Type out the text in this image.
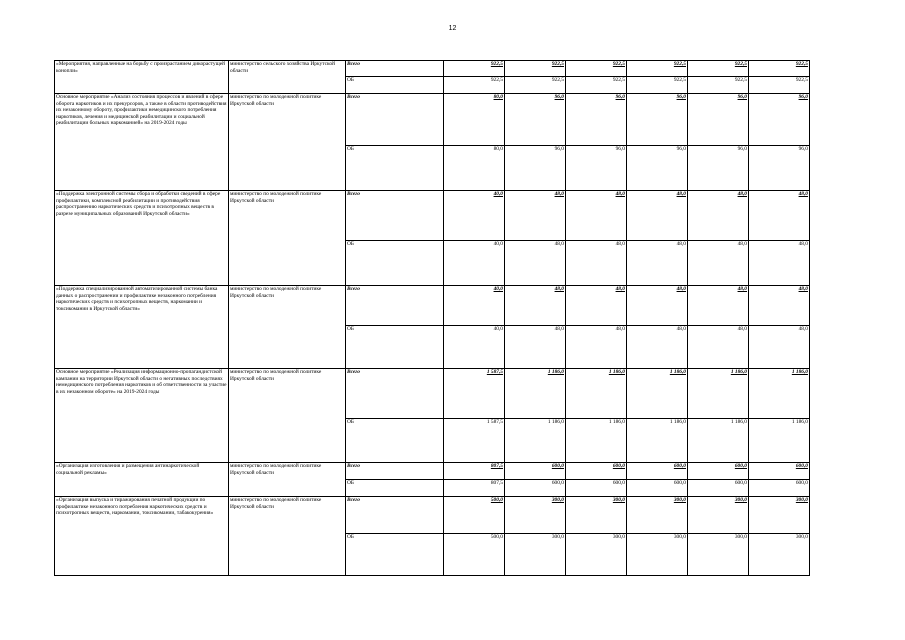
12
«Мероприятия, направленные на борьбу с произрастанием дикорастущей конопли»	министерство сельского хозяйства Иркутской области	Всего	922,5	922,5	922,5	922,5	922,5	922,5
		ОБ	922,5	922,5	922,5	922,5	922,5	922,5
Основное мероприятие «Анализ состояния процессов и явлений в сфере оборота наркотиков и их прекурсоров, а также в области противодействия их незаконному обороту, профилактики немедицинского потребления наркотиков, лечения и медицинской реабилитации и социальной реабилитации больных наркоманией» на 2019-2024 годы	министерство по молодежной политике Иркутской области	Всего	80,0	96,0	96,0	96,0	96,0	96,0
		ОБ	80,0	96,0	96,0	96,0	96,0	96,0
«Поддержка электронной системы сбора и обработки сведений в сфере профилактики, комплексной реабилитации и противодействия распространению наркотических средств и психотропных веществ в разрезе муниципальных образований Иркутской области»	министерство по молодежной политике Иркутской области	Всего	40,0	48,0	48,0	48,0	48,0	48,0
		ОБ	40,0	48,0	48,0	48,0	48,0	48,0
«Поддержка специализированной автоматизированной системы банка данных о распространении и профилактике незаконного потребления наркотических средств и психотропных веществ, наркомании и токсикомании в Иркутской области»	министерство по молодежной политике Иркутской области	Всего	40,0	48,0	48,0	48,0	48,0	48,0
		ОБ	40,0	48,0	48,0	48,0	48,0	48,0
Основное мероприятие «Реализация информационно-пропагандистской кампании на территории Иркутской области о негативных последствиях немедицинского потребления наркотиков и об ответственности за участие в их незаконном обороте» на 2019-2024 годы	министерство по молодежной политике Иркутской области	Всего	1 587,5	1 186,0	1 186,0	1 186,0	1 186,0	1 186,0
		ОБ	1 587,5	1 186,0	1 186,0	1 186,0	1 186,0	1 186,0
«Организация изготовления и размещения антинаркотической социальной рекламы»	министерство по молодежной политике Иркутской области	Всего	807,5	600,0	600,0	600,0	600,0	600,0
		ОБ	807,5	600,0	600,0	600,0	600,0	600,0
«Организация выпуска и тиражирования печатной продукции по профилактике незаконного потребления наркотических средств и психотропных веществ, наркомании, токсикомании, табакокурения»	министерство по молодежной политике Иркутской области	Всего	500,0	300,0	300,0	300,0	300,0	300,0
		ОБ	500,0	300,0	300,0	300,0	300,0	300,0
